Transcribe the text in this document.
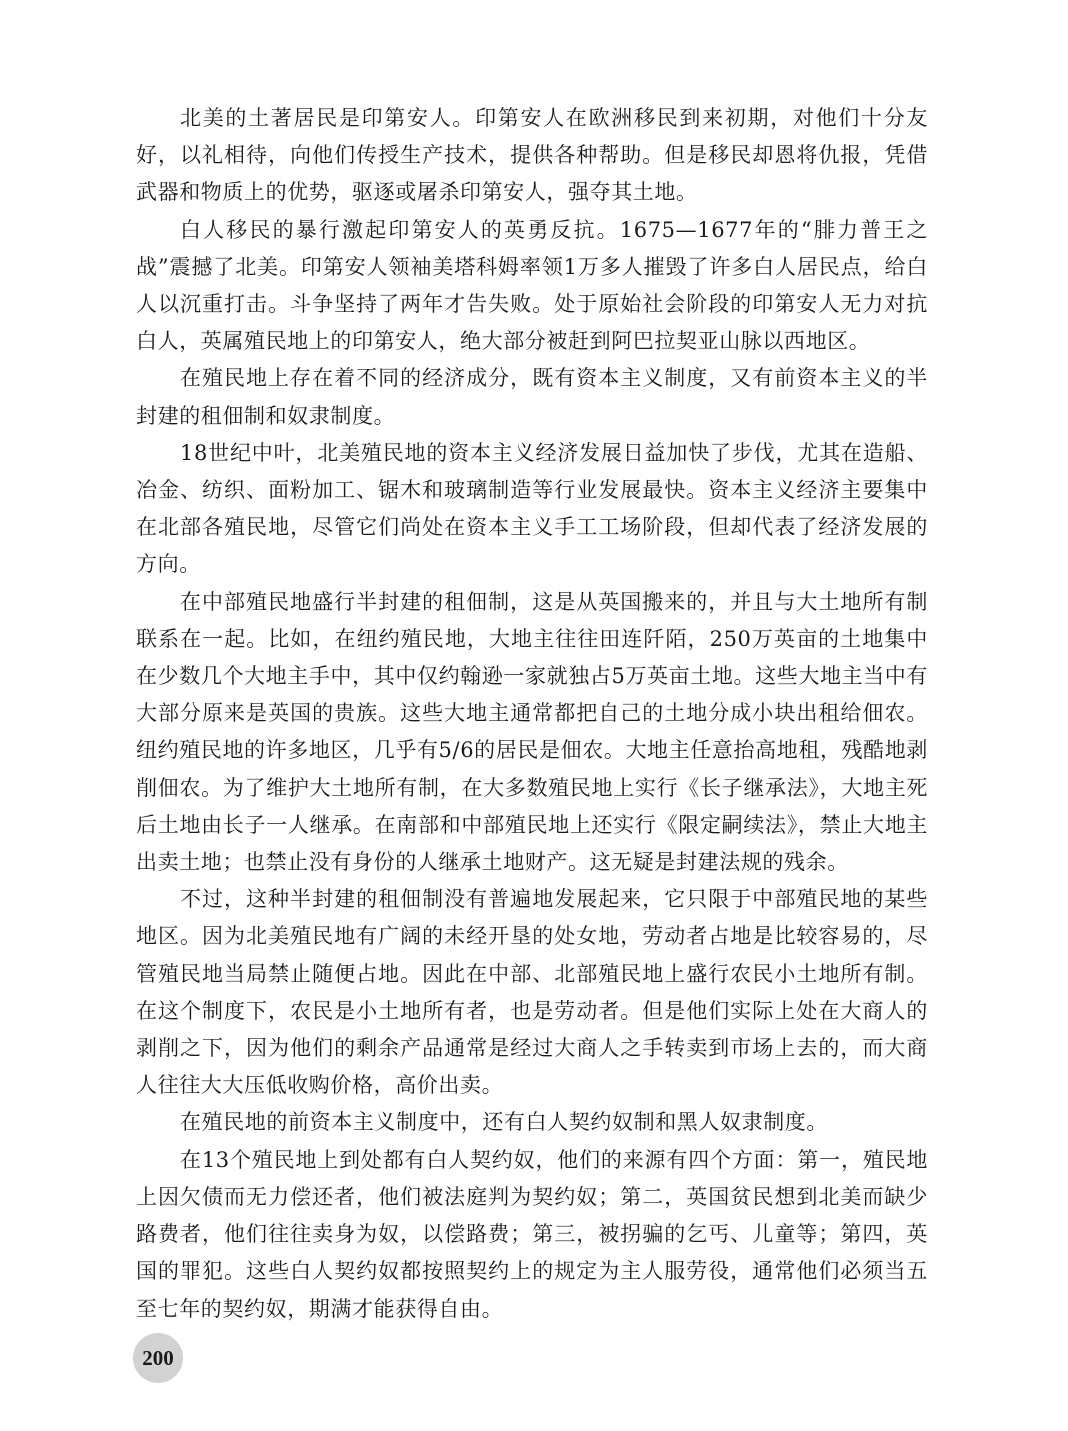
北美的土著居民是印第安人。印第安人在欧洲移民到来初期，对他们十分友好，以礼相待，向他们传授生产技术，提供各种帮助。但是移民却恩将仇报，凭借武器和物质上的优势，驱逐或屠杀印第安人，强夺其土地。

白人移民的暴行激起印第安人的英勇反抗。1675—1677年的“腓力普王之战”震撼了北美。印第安人领袖美塔科姆率领1万多人摧毁了许多白人居民点，给白人以沉重打击。斗争坚持了两年才告失败。处于原始社会阶段的印第安人无力对抗白人，英属殖民地上的印第安人，绝大部分被赶到阿巴拉契亚山脉以西地区。

在殖民地上存在着不同的经济成分，既有资本主义制度，又有前资本主义的半封建的租佃制和奴隶制度。

18世纪中叶，北美殖民地的资本主义经济发展日益加快了步伐，尤其在造船、冶金、纺织、面粉加工、锯木和玻璃制造等行业发展最快。资本主义经济主要集中在北部各殖民地，尽管它们尚处在资本主义手工工场阶段，但却代表了经济发展的方向。

在中部殖民地盛行半封建的租佃制，这是从英国搬来的，并且与大土地所有制联系在一起。比如，在纽约殖民地，大地主往往田连阡陌，250万英亩的土地集中在少数几个大地主手中，其中仅约翰逊一家就独占5万英亩土地。这些大地主当中有大部分原来是英国的贵族。这些大地主通常都把自己的土地分成小块出租给佃农。纽约殖民地的许多地区，几乎有5/6的居民是佃农。大地主任意抬高地租，残酷地剥削佃农。为了维护大土地所有制，在大多数殖民地上实行《长子继承法》，大地主死后土地由长子一人继承。在南部和中部殖民地上还实行《限定嗣续法》，禁止大地主出卖土地；也禁止没有身份的人继承土地财产。这无疑是封建法规的残余。

不过，这种半封建的租佃制没有普遍地发展起来，它只限于中部殖民地的某些地区。因为北美殖民地有广阔的未经开垦的处女地，劳动者占地是比较容易的，尽管殖民地当局禁止随便占地。因此在中部、北部殖民地上盛行农民小土地所有制。在这个制度下，农民是小土地所有者，也是劳动者。但是他们实际上处在大商人的剥削之下，因为他们的剩余产品通常是经过大商人之手转卖到市场上去的，而大商人往往大大压低收购价格，高价出卖。

在殖民地的前资本主义制度中，还有白人契约奴制和黑人奴隶制度。

在13个殖民地上到处都有白人契约奴，他们的来源有四个方面：第一，殖民地上因欠债而无力偿还者，他们被法庭判为契约奴；第二，英国贫民想到北美而缺少路费者，他们往往卖身为奴，以偿路费；第三，被拐骗的乞丐、儿童等；第四，英国的罪犯。这些白人契约奴都按照契约上的规定为主人服劳役，通常他们必须当五至七年的契约奴，期满才能获得自由。

200
